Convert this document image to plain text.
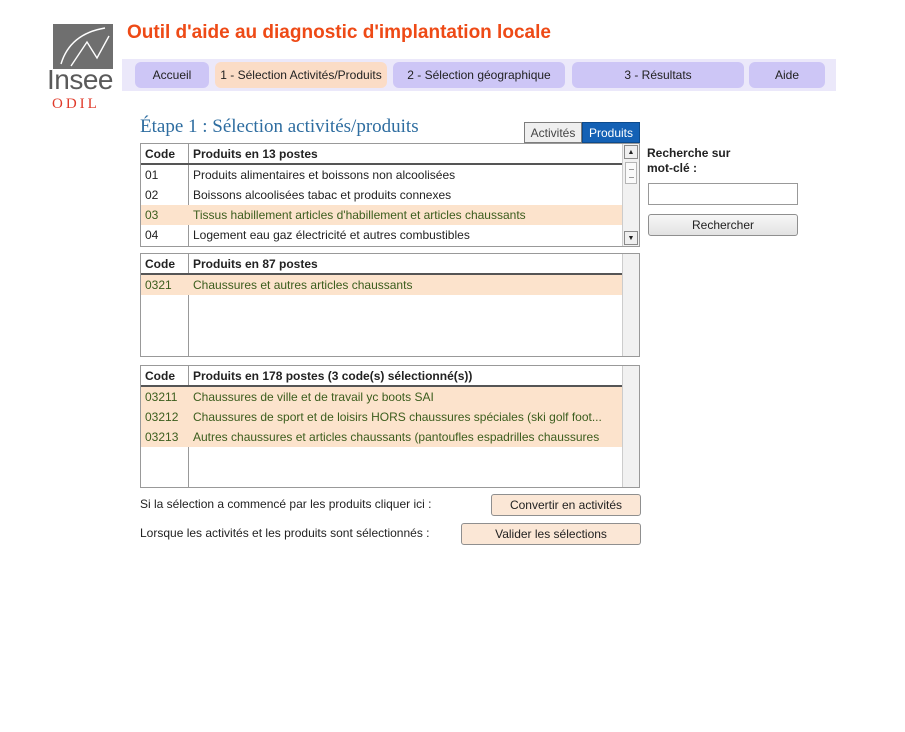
Insee
ODIL
Outil d'aide au diagnostic d'implantation locale
Accueil	1 - Sélection Activités/Produits	2 - Sélection géographique	3 - Résultats	Aide
Étape 1 : Sélection activités/produits	Activités	Produits
Code	Produits en 13 postes
01	Produits alimentaires et boissons non alcoolisées
02	Boissons alcoolisées tabac et produits connexes
03	Tissus habillement articles d'habillement et articles chaussants
04	Logement eau gaz électricité et autres combustibles
▲
▼
Code	Produits en 87 postes
0321	Chaussures et autres articles chaussants
Code	Produits en 178 postes (3 code(s) sélectionné(s))
03211	Chaussures de ville et de travail yc boots SAI
03212	Chaussures de sport et de loisirs HORS chaussures spéciales (ski golf foot...
03213	Autres chaussures et articles chaussants (pantoufles espadrilles chaussures
Recherche sur
mot-clé :
Rechercher
Si la sélection a commencé par les produits cliquer ici :	Convertir en activités
Lorsque les activités et les produits sont sélectionnés :	Valider les sélections
